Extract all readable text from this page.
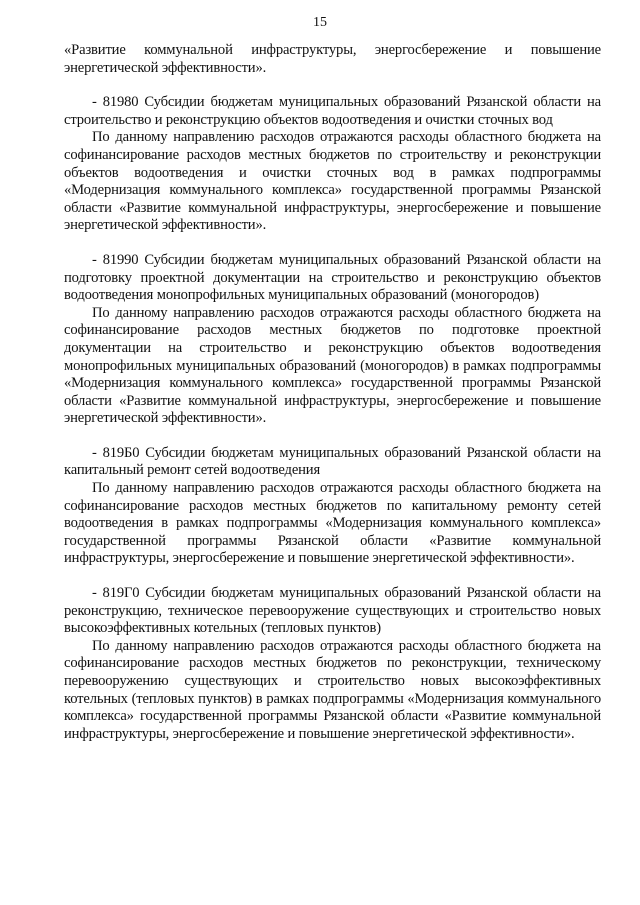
15

«Развитие коммунальной инфраструктуры, энергосбережение и повышение энергетической эффективности».

- 81980 Субсидии бюджетам муниципальных образований Рязанской области на строительство и реконструкцию объектов водоотведения и очистки сточных вод

По данному направлению расходов отражаются расходы областного бюджета на софинансирование расходов местных бюджетов по строительству и реконструкции объектов водоотведения и очистки сточных вод в рамках подпрограммы «Модернизация коммунального комплекса» государственной программы Рязанской области «Развитие коммунальной инфраструктуры, энергосбережение и повышение энергетической эффективности».

- 81990 Субсидии бюджетам муниципальных образований Рязанской области на подготовку проектной документации на строительство и реконструкцию объектов водоотведения монопрофильных муниципальных образований (моногородов)

По данному направлению расходов отражаются расходы областного бюджета на софинансирование расходов местных бюджетов по подготовке проектной документации на строительство и реконструкцию объектов водоотведения монопрофильных муниципальных образований (моногородов) в рамках подпрограммы «Модернизация коммунального комплекса» государственной программы Рязанской области «Развитие коммунальной инфраструктуры, энергосбережение и повышение энергетической эффективности».

- 819Б0 Субсидии бюджетам муниципальных образований Рязанской области на капитальный ремонт сетей водоотведения

По данному направлению расходов отражаются расходы областного бюджета на софинансирование расходов местных бюджетов по капитальному ремонту сетей водоотведения в рамках подпрограммы «Модернизация коммунального комплекса» государственной программы Рязанской области «Развитие коммунальной инфраструктуры, энергосбережение и повышение энергетической эффективности».

- 819Г0 Субсидии бюджетам муниципальных образований Рязанской области на реконструкцию, техническое перевооружение существующих и строительство новых высокоэффективных котельных (тепловых пунктов)

По данному направлению расходов отражаются расходы областного бюджета на софинансирование расходов местных бюджетов по реконструкции, техническому перевооружению существующих и строительство новых высокоэффективных котельных (тепловых пунктов) в рамках подпрограммы «Модернизация коммунального комплекса» государственной программы Рязанской области «Развитие коммунальной инфраструктуры, энергосбережение и повышение энергетической эффективности».
